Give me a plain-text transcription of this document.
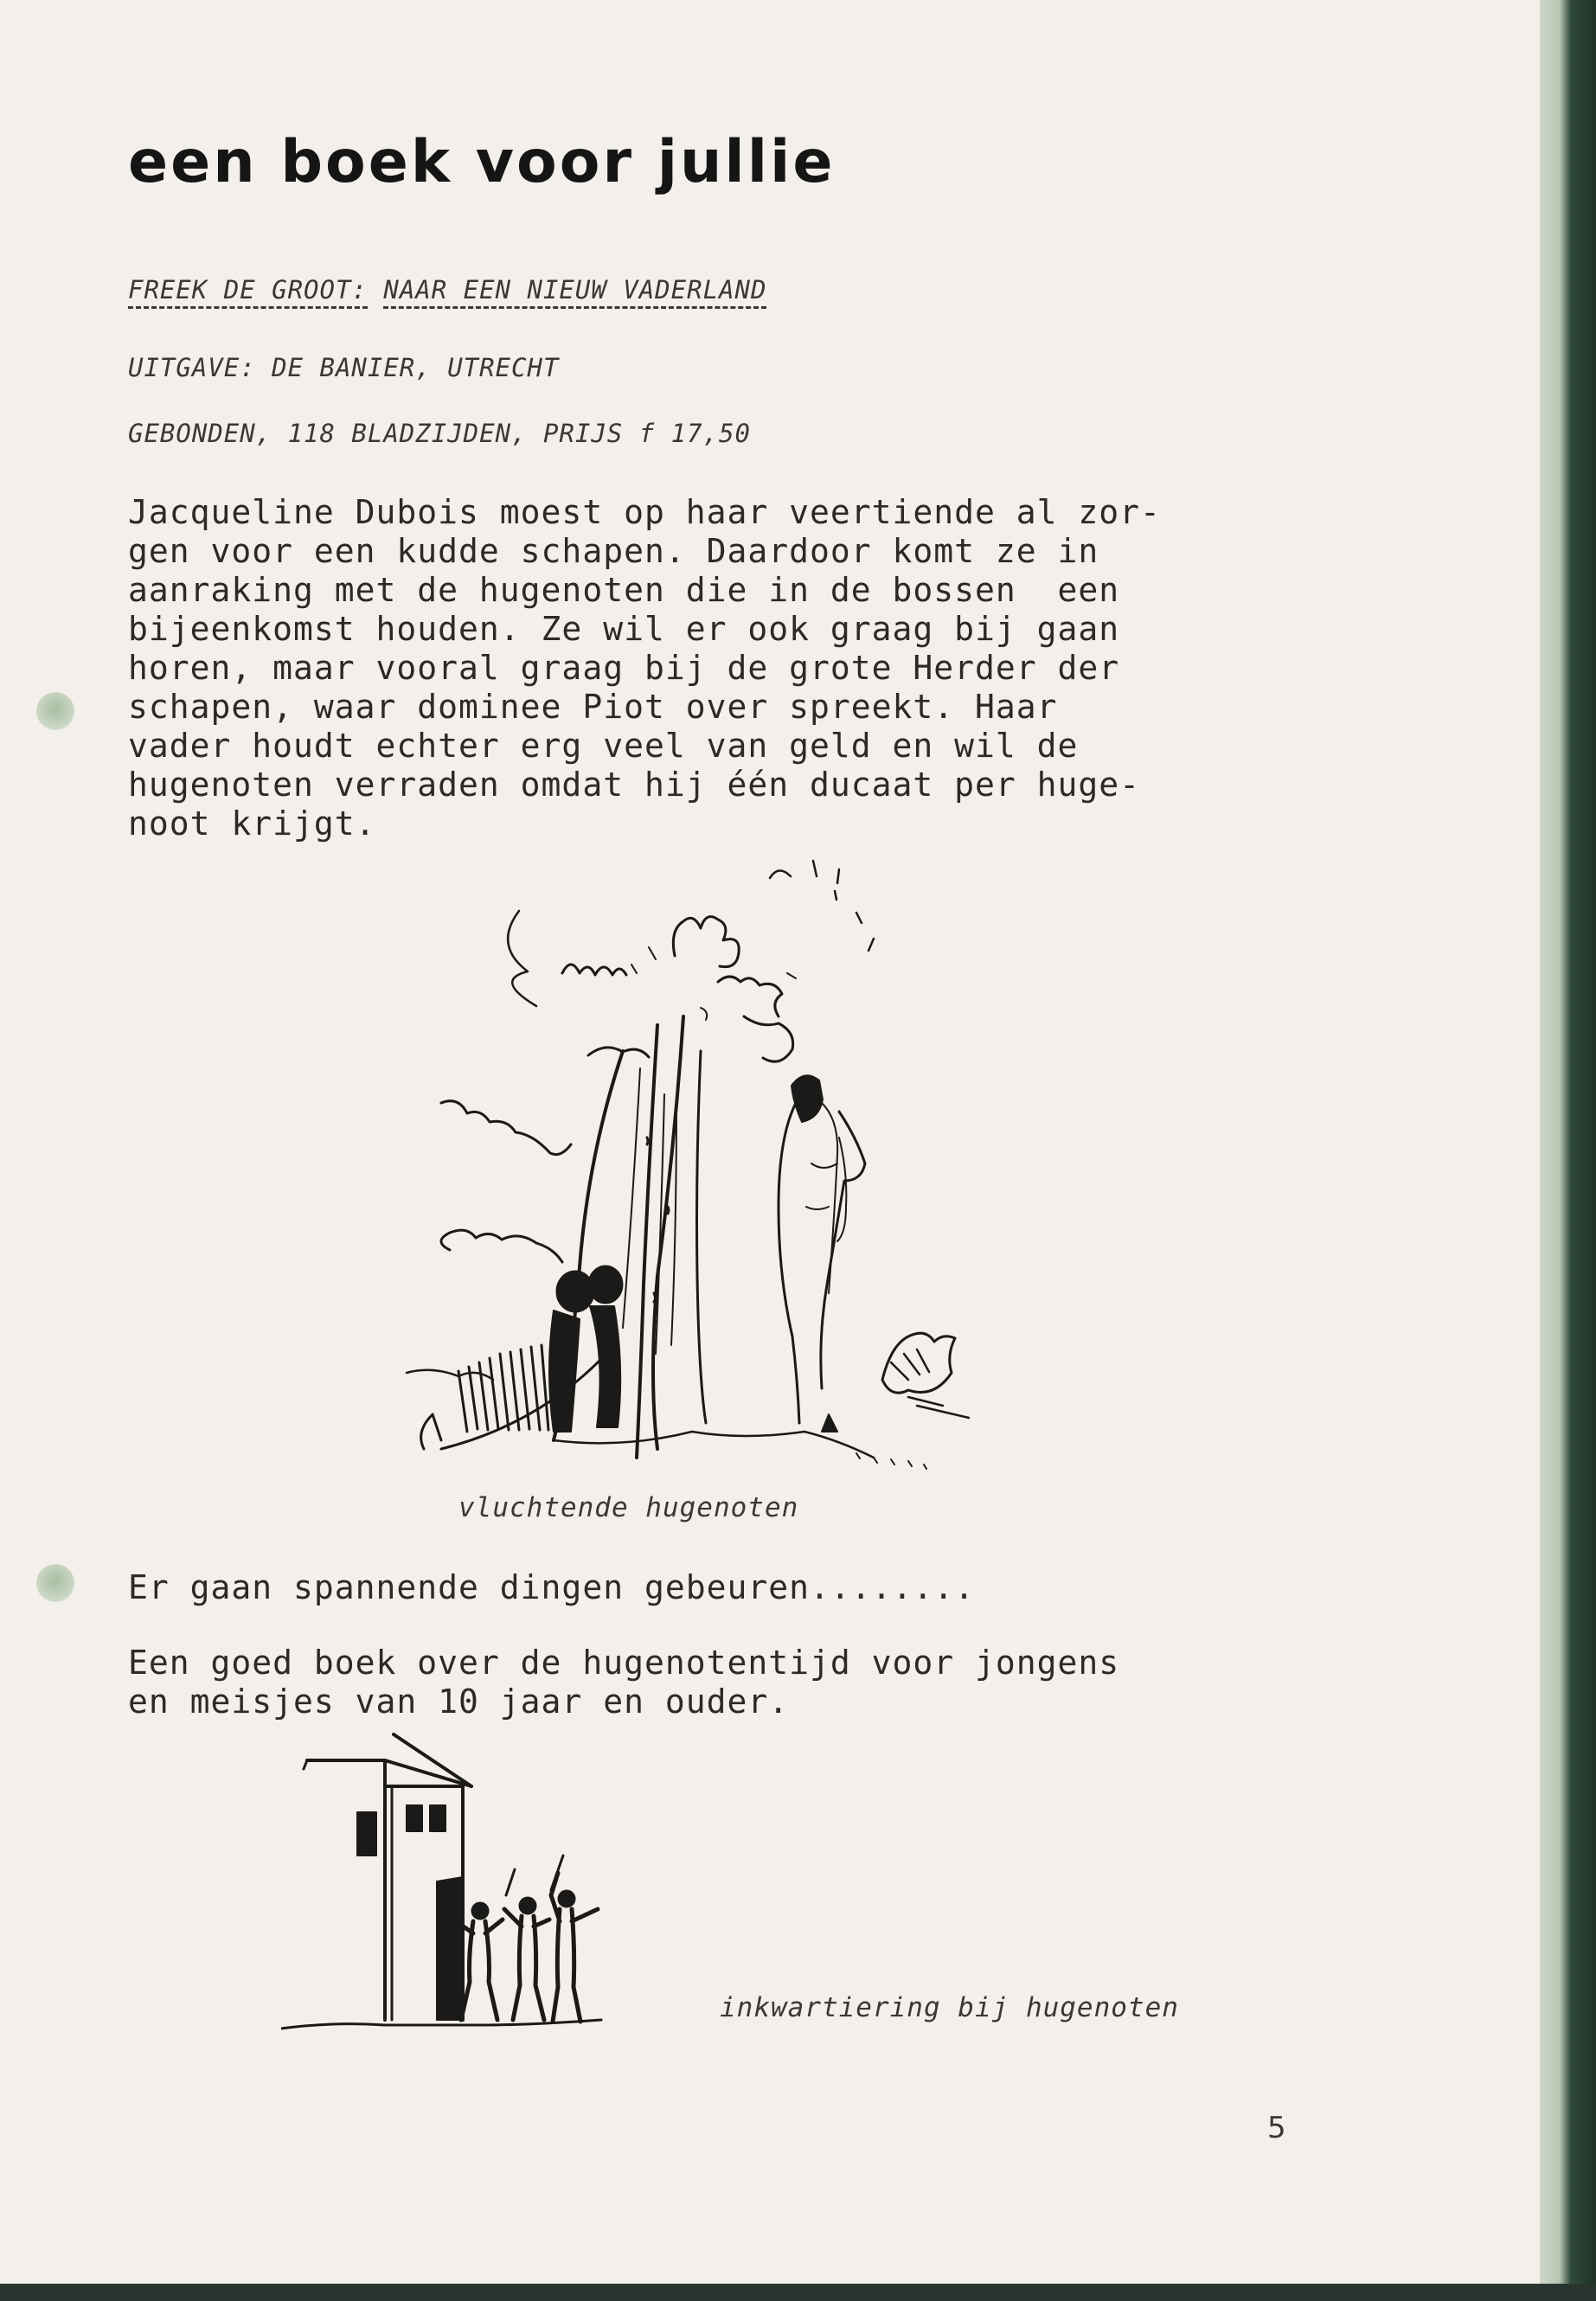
een boek voor jullie
FREEK DE GROOT: NAAR EEN NIEUW VADERLAND
UITGAVE: DE BANIER, UTRECHT
GEBONDEN, 118 BLADZIJDEN, PRIJS f 17,50
Jacqueline Dubois moest op haar veertiende al zor-
gen voor een kudde schapen. Daardoor komt ze in
aanraking met de hugenoten die in de bossen  een
bijeenkomst houden. Ze wil er ook graag bij gaan
horen, maar vooral graag bij de grote Herder der
schapen, waar dominee Piot over spreekt. Haar
vader houdt echter erg veel van geld en wil de
hugenoten verraden omdat hij één ducaat per huge-
noot krijgt.
vluchtende hugenoten
Er gaan spannende dingen gebeuren........
Een goed boek over de hugenotentijd voor jongens
en meisjes van 10 jaar en ouder.
inkwartiering bij hugenoten
5
